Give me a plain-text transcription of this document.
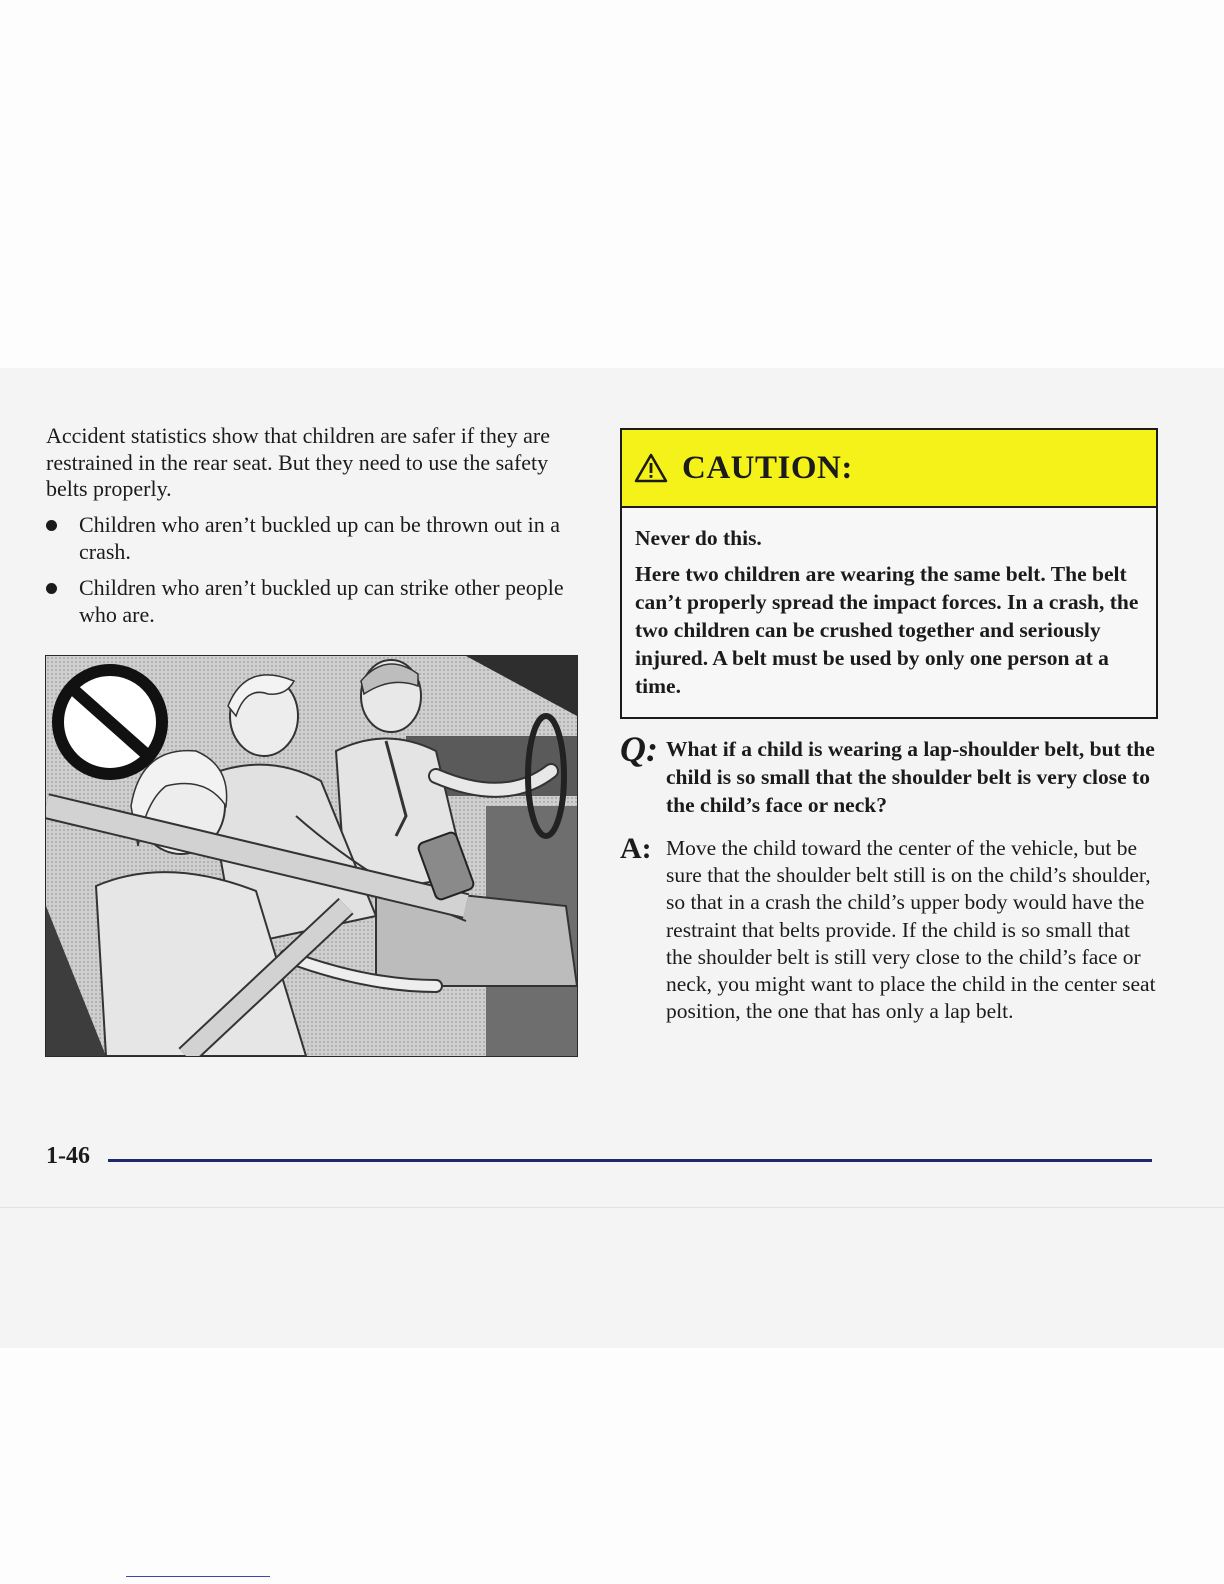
Accident statistics show that children are safer if they are restrained in the rear seat. But they need to use the safety belts properly.

Children who aren’t buckled up can be thrown out in a crash.
Children who aren’t buckled up can strike other people who are.
CAUTION:

Never do this.

Here two children are wearing the same belt. The belt can’t properly spread the impact forces. In a crash, the two children can be crushed together and seriously injured. A belt must be used by only one person at a time.

Q: What if a child is wearing a lap-shoulder belt, but the child is so small that the shoulder belt is very close to the child’s face or neck?
A: Move the child toward the center of the vehicle, but be sure that the shoulder belt still is on the child’s shoulder, so that in a crash the child’s upper body would have the restraint that belts provide. If the child is so small that the shoulder belt is still very close to the child’s face or neck, you might want to place the child in the center seat position, the one that has only a lap belt.
1-46
